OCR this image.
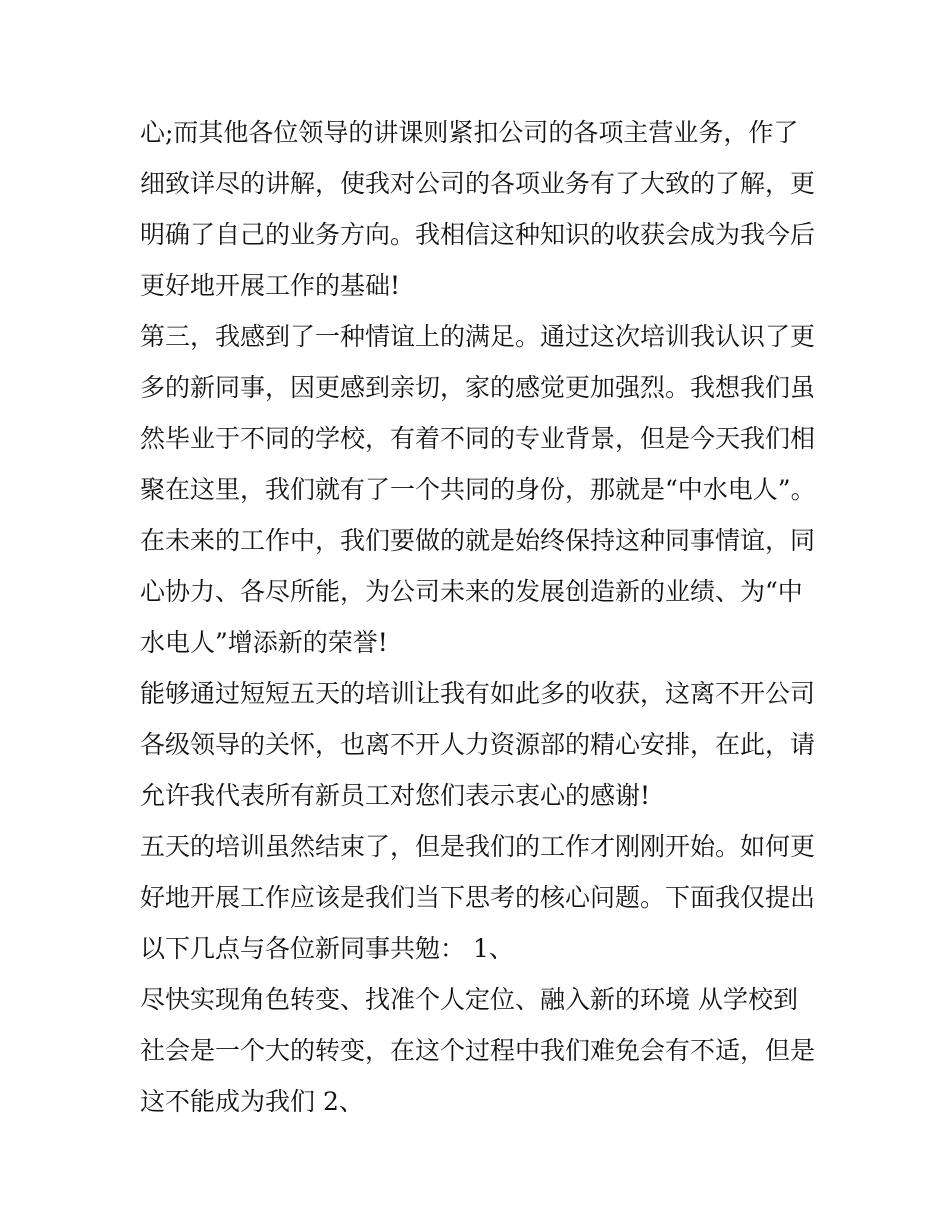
心;而其他各位领导的讲课则紧扣公司的各项主营业务，作了
细致详尽的讲解，使我对公司的各项业务有了大致的了解，更
明确了自己的业务方向。我相信这种知识的收获会成为我今后
更好地开展工作的基础!
第三，我感到了一种情谊上的满足。通过这次培训我认识了更
多的新同事，因更感到亲切，家的感觉更加强烈。我想我们虽
然毕业于不同的学校，有着不同的专业背景，但是今天我们相
聚在这里，我们就有了一个共同的身份，那就是“中水电人”。
在未来的工作中，我们要做的就是始终保持这种同事情谊，同
心协力、各尽所能，为公司未来的发展创造新的业绩、为“中
水电人”增添新的荣誉!
能够通过短短五天的培训让我有如此多的收获，这离不开公司
各级领导的关怀，也离不开人力资源部的精心安排，在此，请
允许我代表所有新员工对您们表示衷心的感谢!
五天的培训虽然结束了，但是我们的工作才刚刚开始。如何更
好地开展工作应该是我们当下思考的核心问题。下面我仅提出
以下几点与各位新同事共勉： 1、
尽快实现角色转变、找准个人定位、融入新的环境 从学校到
社会是一个大的转变，在这个过程中我们难免会有不适，但是
这不能成为我们 2、
